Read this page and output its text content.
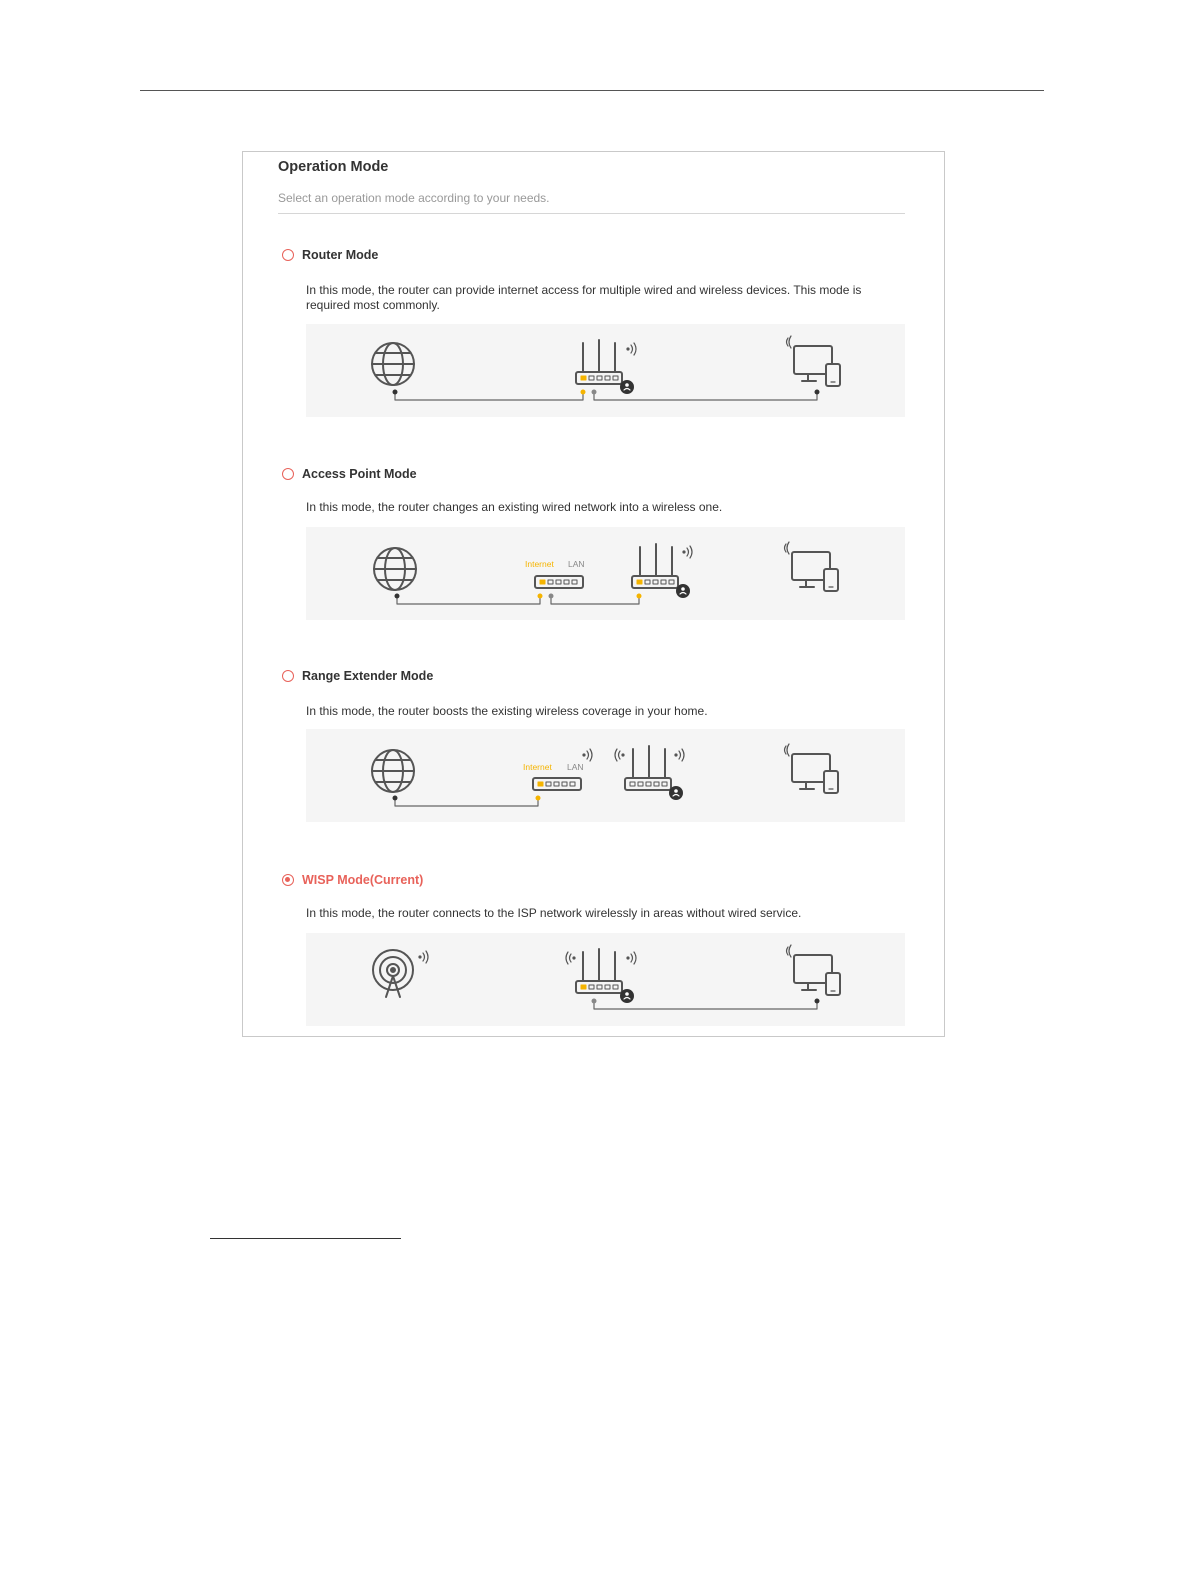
Operation Mode
Select an operation mode according to your needs.
Router Mode
In this mode, the router can provide internet access for multiple wired and wireless devices. This mode is required most commonly.
Access Point Mode
In this mode, the router changes an existing wired network into a wireless one.
Internet LAN
Range Extender Mode
In this mode, the router boosts the existing wireless coverage in your home.
Internet LAN
WISP Mode(Current)
In this mode, the router connects to the ISP network wirelessly in areas without wired service.
